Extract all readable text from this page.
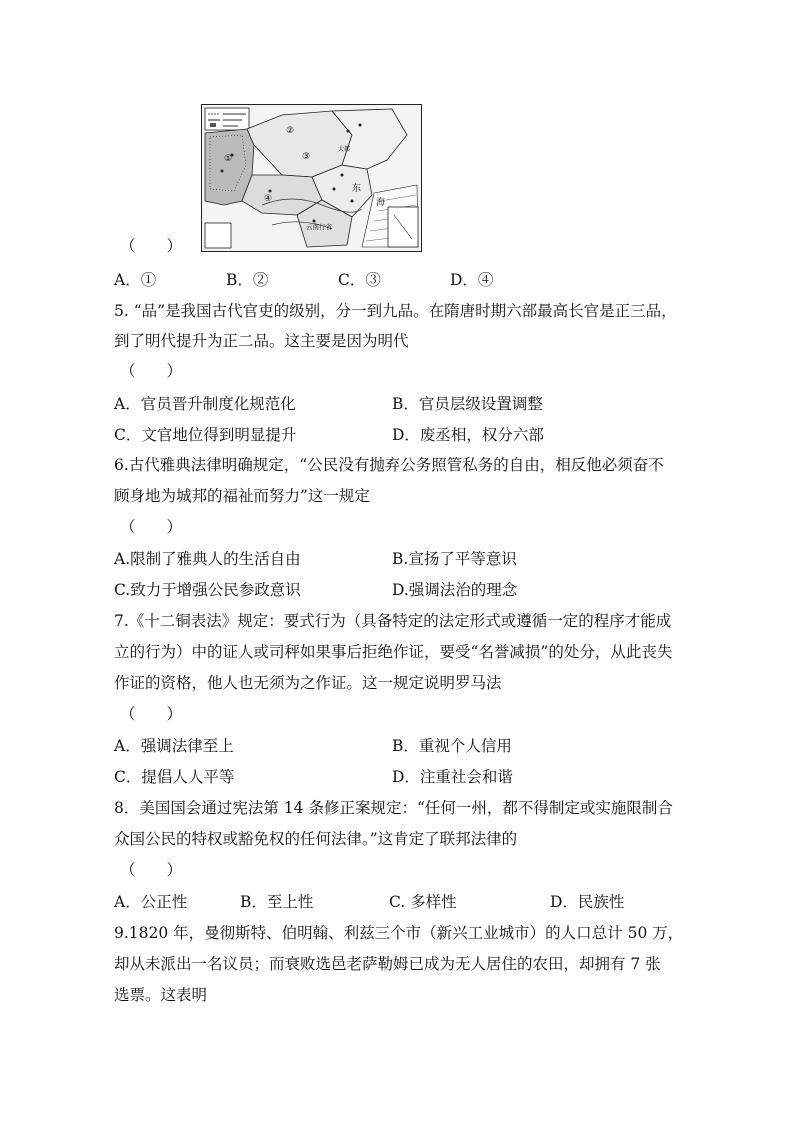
②
①	③
④
东
海
云南行省
大都
（　　）
A．①	B．②	C．③	D．④
5. “品”是我国古代官吏的级别，分一到九品。在隋唐时期六部最高长官是正三品，
到了明代提升为正二品。这主要是因为明代
（　　）
A．官员晋升制度化规范化	B．官员层级设置调整
C．文官地位得到明显提升	D．废丞相，权分六部
6.古代雅典法律明确规定，“公民没有抛弃公务照管私务的自由，相反他必须奋不
顾身地为城邦的福祉而努力”这一规定
（　　）
A.限制了雅典人的生活自由	B.宣扬了平等意识
C.致力于增强公民参政意识	D.强调法治的理念
7.《十二铜表法》规定：要式行为（具备特定的法定形式或遵循一定的程序才能成
立的行为）中的证人或司秤如果事后拒绝作证，要受“名誉减损”的处分，从此丧失
作证的资格，他人也无须为之作证。这一规定说明罗马法
（　　）
A．强调法律至上	B．重视个人信用
C．提倡人人平等	D．注重社会和谐
8．美国国会通过宪法第 14 条修正案规定：“任何一州，都不得制定或实施限制合
众国公民的特权或豁免权的任何法律。”这肯定了联邦法律的
（　　）
A．公正性	B．至上性	C. 多样性	D．民族性
9.1820 年，曼彻斯特、伯明翰、利兹三个市（新兴工业城市）的人口总计 50 万，
却从未派出一名议员；而衰败选邑老萨勒姆已成为无人居住的农田，却拥有 7 张
选票。这表明
